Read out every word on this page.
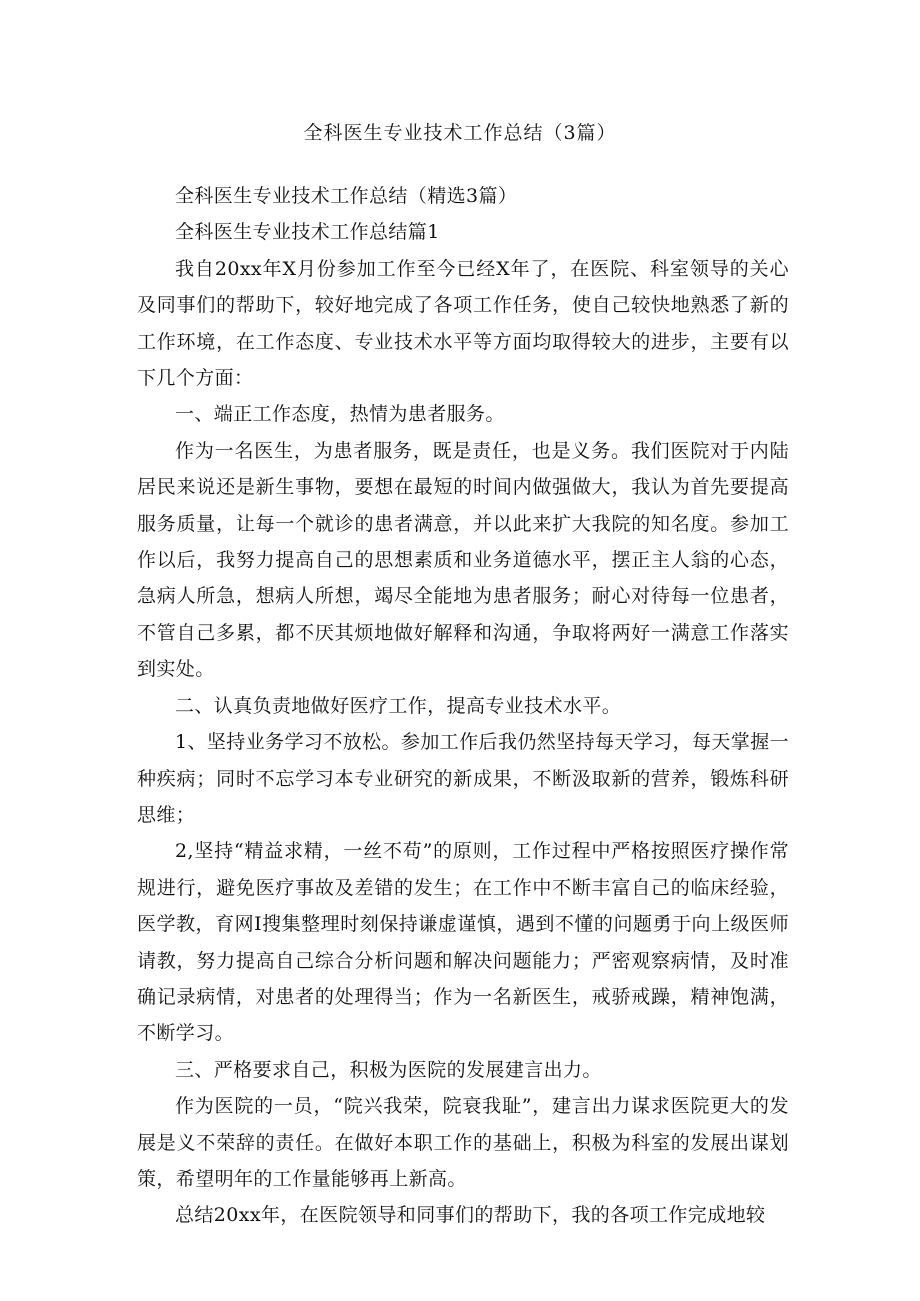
全科医生专业技术工作总结（3篇）

全科医生专业技术工作总结（精选3篇）

全科医生专业技术工作总结篇1

我自20xx年X月份参加工作至今已经X年了，在医院、科室领导的关心及同事们的帮助下，较好地完成了各项工作任务，使自己较快地熟悉了新的工作环境，在工作态度、专业技术水平等方面均取得较大的进步，主要有以下几个方面：

一、端正工作态度，热情为患者服务。

作为一名医生，为患者服务，既是责任，也是义务。我们医院对于内陆居民来说还是新生事物，要想在最短的时间内做强做大，我认为首先要提高服务质量，让每一个就诊的患者满意，并以此来扩大我院的知名度。参加工作以后，我努力提高自己的思想素质和业务道德水平，摆正主人翁的心态，急病人所急，想病人所想，竭尽全能地为患者服务；耐心对待每一位患者，不管自己多累，都不厌其烦地做好解释和沟通，争取将两好一满意工作落实到实处。

二、认真负责地做好医疗工作，提高专业技术水平。

1、坚持业务学习不放松。参加工作后我仍然坚持每天学习，每天掌握一种疾病；同时不忘学习本专业研究的新成果，不断汲取新的营养，锻炼科研思维；

2,坚持“精益求精，一丝不苟”的原则，工作过程中严格按照医疗操作常规进行，避免医疗事故及差错的发生；在工作中不断丰富自己的临床经验，医学教，育网I搜集整理时刻保持谦虚谨慎，遇到不懂的问题勇于向上级医师请教，努力提高自己综合分析问题和解决问题能力；严密观察病情，及时准确记录病情，对患者的处理得当；作为一名新医生，戒骄戒躁，精神饱满，不断学习。

三、严格要求自己，积极为医院的发展建言出力。

作为医院的一员，“院兴我荣，院衰我耻”，建言出力谋求医院更大的发展是义不荣辞的责任。在做好本职工作的基础上，积极为科室的发展出谋划策，希望明年的工作量能够再上新高。

总结20xx年，在医院领导和同事们的帮助下，我的各项工作完成地较
